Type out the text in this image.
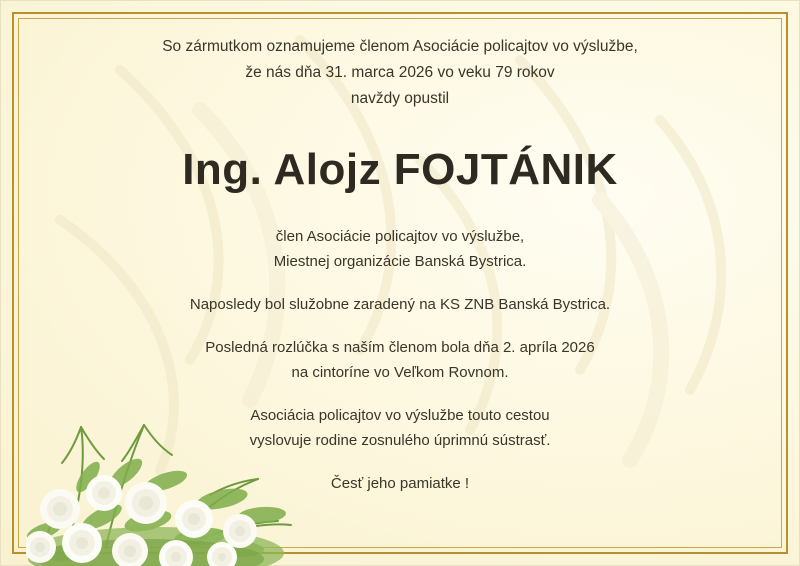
So zármutkom oznamujeme členom Asociácie policajtov vo výslužbe,
že nás dňa 31. marca 2026 vo veku 79 rokov
navždy opustil
Ing. Alojz FOJTÁNIK
člen Asociácie policajtov vo výslužbe,
Miestnej organizácie Banská Bystrica.
Naposledy bol služobne zaradený na KS ZNB Banská Bystrica.
Posledná rozlúčka s naším členom bola dňa 2. apríla 2026
na cintoríne vo Veľkom Rovnom.
Asociácia policajtov vo výslužbe touto cestou
vyslovuje rodine zosnulého úprimnú sústrasť.
Česť jeho pamiatke !
